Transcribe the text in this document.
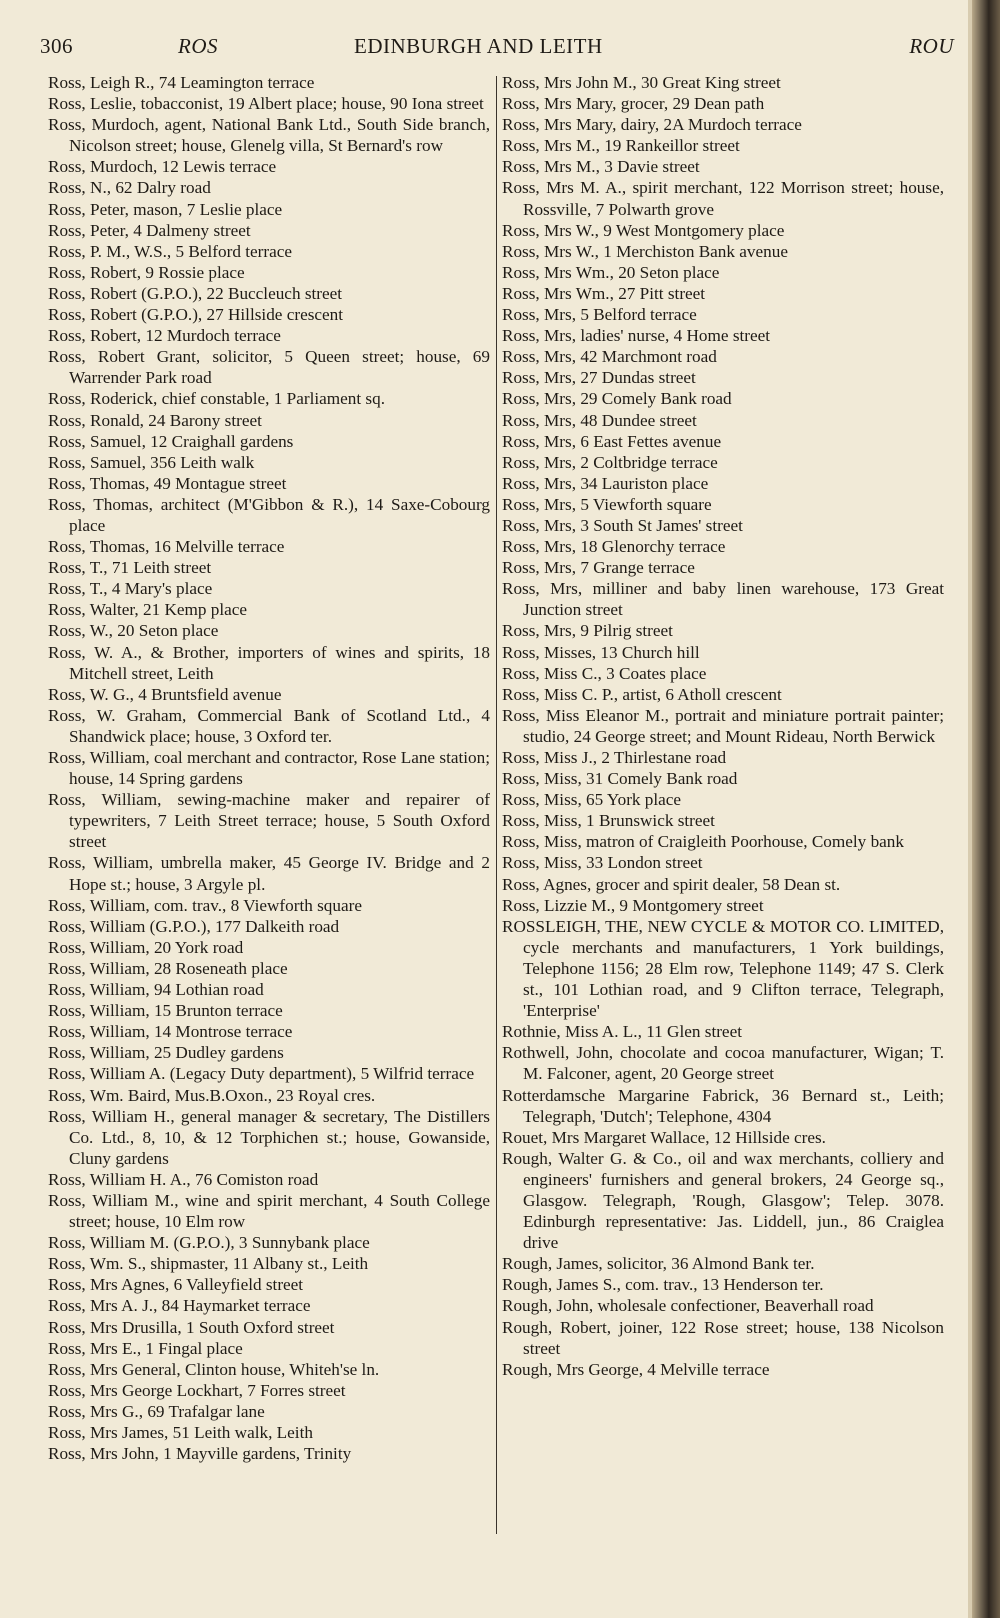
306	ROS	EDINBURGH AND LEITH	ROU
Ross, Leigh R., 74 Leamington terrace
Ross, Leslie, tobacconist, 19 Albert place; house, 90 Iona street
Ross, Murdoch, agent, National Bank Ltd., South Side branch, Nicolson street; house, Glenelg villa, St Bernard's row
Ross, Murdoch, 12 Lewis terrace
Ross, N., 62 Dalry road
Ross, Peter, mason, 7 Leslie place
Ross, Peter, 4 Dalmeny street
Ross, P. M., W.S., 5 Belford terrace
Ross, Robert, 9 Rossie place
Ross, Robert (G.P.O.), 22 Buccleuch street
Ross, Robert (G.P.O.), 27 Hillside crescent
Ross, Robert, 12 Murdoch terrace
Ross, Robert Grant, solicitor, 5 Queen street; house, 69 Warrender Park road
Ross, Roderick, chief constable, 1 Parliament sq.
Ross, Ronald, 24 Barony street
Ross, Samuel, 12 Craighall gardens
Ross, Samuel, 356 Leith walk
Ross, Thomas, 49 Montague street
Ross, Thomas, architect (M'Gibbon & R.), 14 Saxe-Cobourg place
Ross, Thomas, 16 Melville terrace
Ross, T., 71 Leith street
Ross, T., 4 Mary's place
Ross, Walter, 21 Kemp place
Ross, W., 20 Seton place
Ross, W. A., & Brother, importers of wines and spirits, 18 Mitchell street, Leith
Ross, W. G., 4 Bruntsfield avenue
Ross, W. Graham, Commercial Bank of Scotland Ltd., 4 Shandwick place; house, 3 Oxford ter.
Ross, William, coal merchant and contractor, Rose Lane station; house, 14 Spring gardens
Ross, William, sewing-machine maker and repairer of typewriters, 7 Leith Street terrace; house, 5 South Oxford street
Ross, William, umbrella maker, 45 George IV. Bridge and 2 Hope st.; house, 3 Argyle pl.
Ross, William, com. trav., 8 Viewforth square
Ross, William (G.P.O.), 177 Dalkeith road
Ross, William, 20 York road
Ross, William, 28 Roseneath place
Ross, William, 94 Lothian road
Ross, William, 15 Brunton terrace
Ross, William, 14 Montrose terrace
Ross, William, 25 Dudley gardens
Ross, William A. (Legacy Duty department), 5 Wilfrid terrace
Ross, Wm. Baird, Mus.B.Oxon., 23 Royal cres.
Ross, William H., general manager & secretary, The Distillers Co. Ltd., 8, 10, & 12 Torphichen st.; house, Gowanside, Cluny gardens
Ross, William H. A., 76 Comiston road
Ross, William M., wine and spirit merchant, 4 South College street; house, 10 Elm row
Ross, William M. (G.P.O.), 3 Sunnybank place
Ross, Wm. S., shipmaster, 11 Albany st., Leith
Ross, Mrs Agnes, 6 Valleyfield street
Ross, Mrs A. J., 84 Haymarket terrace
Ross, Mrs Drusilla, 1 South Oxford street
Ross, Mrs E., 1 Fingal place
Ross, Mrs General, Clinton house, Whiteh'se ln.
Ross, Mrs George Lockhart, 7 Forres street
Ross, Mrs G., 69 Trafalgar lane
Ross, Mrs James, 51 Leith walk, Leith
Ross, Mrs John, 1 Mayville gardens, Trinity
Ross, Mrs John M., 30 Great King street
Ross, Mrs Mary, grocer, 29 Dean path
Ross, Mrs Mary, dairy, 2A Murdoch terrace
Ross, Mrs M., 19 Rankeillor street
Ross, Mrs M., 3 Davie street
Ross, Mrs M. A., spirit merchant, 122 Morrison street; house, Rossville, 7 Polwarth grove
Ross, Mrs W., 9 West Montgomery place
Ross, Mrs W., 1 Merchiston Bank avenue
Ross, Mrs Wm., 20 Seton place
Ross, Mrs Wm., 27 Pitt street
Ross, Mrs, 5 Belford terrace
Ross, Mrs, ladies' nurse, 4 Home street
Ross, Mrs, 42 Marchmont road
Ross, Mrs, 27 Dundas street
Ross, Mrs, 29 Comely Bank road
Ross, Mrs, 48 Dundee street
Ross, Mrs, 6 East Fettes avenue
Ross, Mrs, 2 Coltbridge terrace
Ross, Mrs, 34 Lauriston place
Ross, Mrs, 5 Viewforth square
Ross, Mrs, 3 South St James' street
Ross, Mrs, 18 Glenorchy terrace
Ross, Mrs, 7 Grange terrace
Ross, Mrs, milliner and baby linen warehouse, 173 Great Junction street
Ross, Mrs, 9 Pilrig street
Ross, Misses, 13 Church hill
Ross, Miss C., 3 Coates place
Ross, Miss C. P., artist, 6 Atholl crescent
Ross, Miss Eleanor M., portrait and miniature portrait painter; studio, 24 George street; and Mount Rideau, North Berwick
Ross, Miss J., 2 Thirlestane road
Ross, Miss, 31 Comely Bank road
Ross, Miss, 65 York place
Ross, Miss, 1 Brunswick street
Ross, Miss, matron of Craigleith Poorhouse, Comely bank
Ross, Miss, 33 London street
Ross, Agnes, grocer and spirit dealer, 58 Dean st.
Ross, Lizzie M., 9 Montgomery street
ROSSLEIGH, THE, NEW CYCLE & MOTOR CO. LIMITED, cycle merchants and manufacturers, 1 York buildings, Telephone 1156; 28 Elm row, Telephone 1149; 47 S. Clerk st., 101 Lothian road, and 9 Clifton terrace, Telegraph, 'Enterprise'
Rothnie, Miss A. L., 11 Glen street
Rothwell, John, chocolate and cocoa manufacturer, Wigan; T. M. Falconer, agent, 20 George street
Rotterdamsche Margarine Fabrick, 36 Bernard st., Leith; Telegraph, 'Dutch'; Telephone, 4304
Rouet, Mrs Margaret Wallace, 12 Hillside cres.
Rough, Walter G. & Co., oil and wax merchants, colliery and engineers' furnishers and general brokers, 24 George sq., Glasgow. Telegraph, 'Rough, Glasgow'; Telep. 3078. Edinburgh representative: Jas. Liddell, jun., 86 Craiglea drive
Rough, James, solicitor, 36 Almond Bank ter.
Rough, James S., com. trav., 13 Henderson ter.
Rough, John, wholesale confectioner, Beaverhall road
Rough, Robert, joiner, 122 Rose street; house, 138 Nicolson street
Rough, Mrs George, 4 Melville terrace
